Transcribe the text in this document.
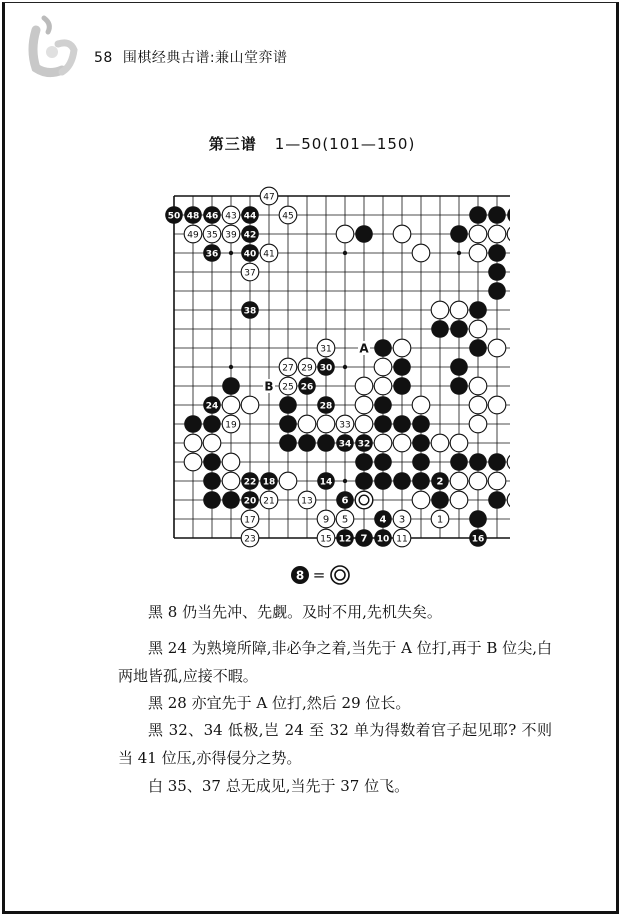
58 围棋经典古谱:兼山堂弈谱
第三谱 1—50(101—150)
47
43	45
49 35 39
41
37
31
27 29
25
19	33
21	13
17	9 5	3	1
15
23	11
50 48 46	44
42
40
36
38
30
26
24	28
34 32
22 18	14
20	6
4
12	10
2
16
7
A
B
8 =

黑 8 仍当先冲、先觑。及时不用,先机失矣。

黑 24 为熟境所障,非必争之着,当先于 A 位打,再于 B 位尖,白两地皆孤,应接不暇。

黑 28 亦宜先于 A 位打,然后 29 位长。

黑 32、34 低极,岂 24 至 32 单为得数着官子起见耶? 不则当 41 位压,亦得侵分之势。

白 35、37 总无成见,当先于 37 位飞。
